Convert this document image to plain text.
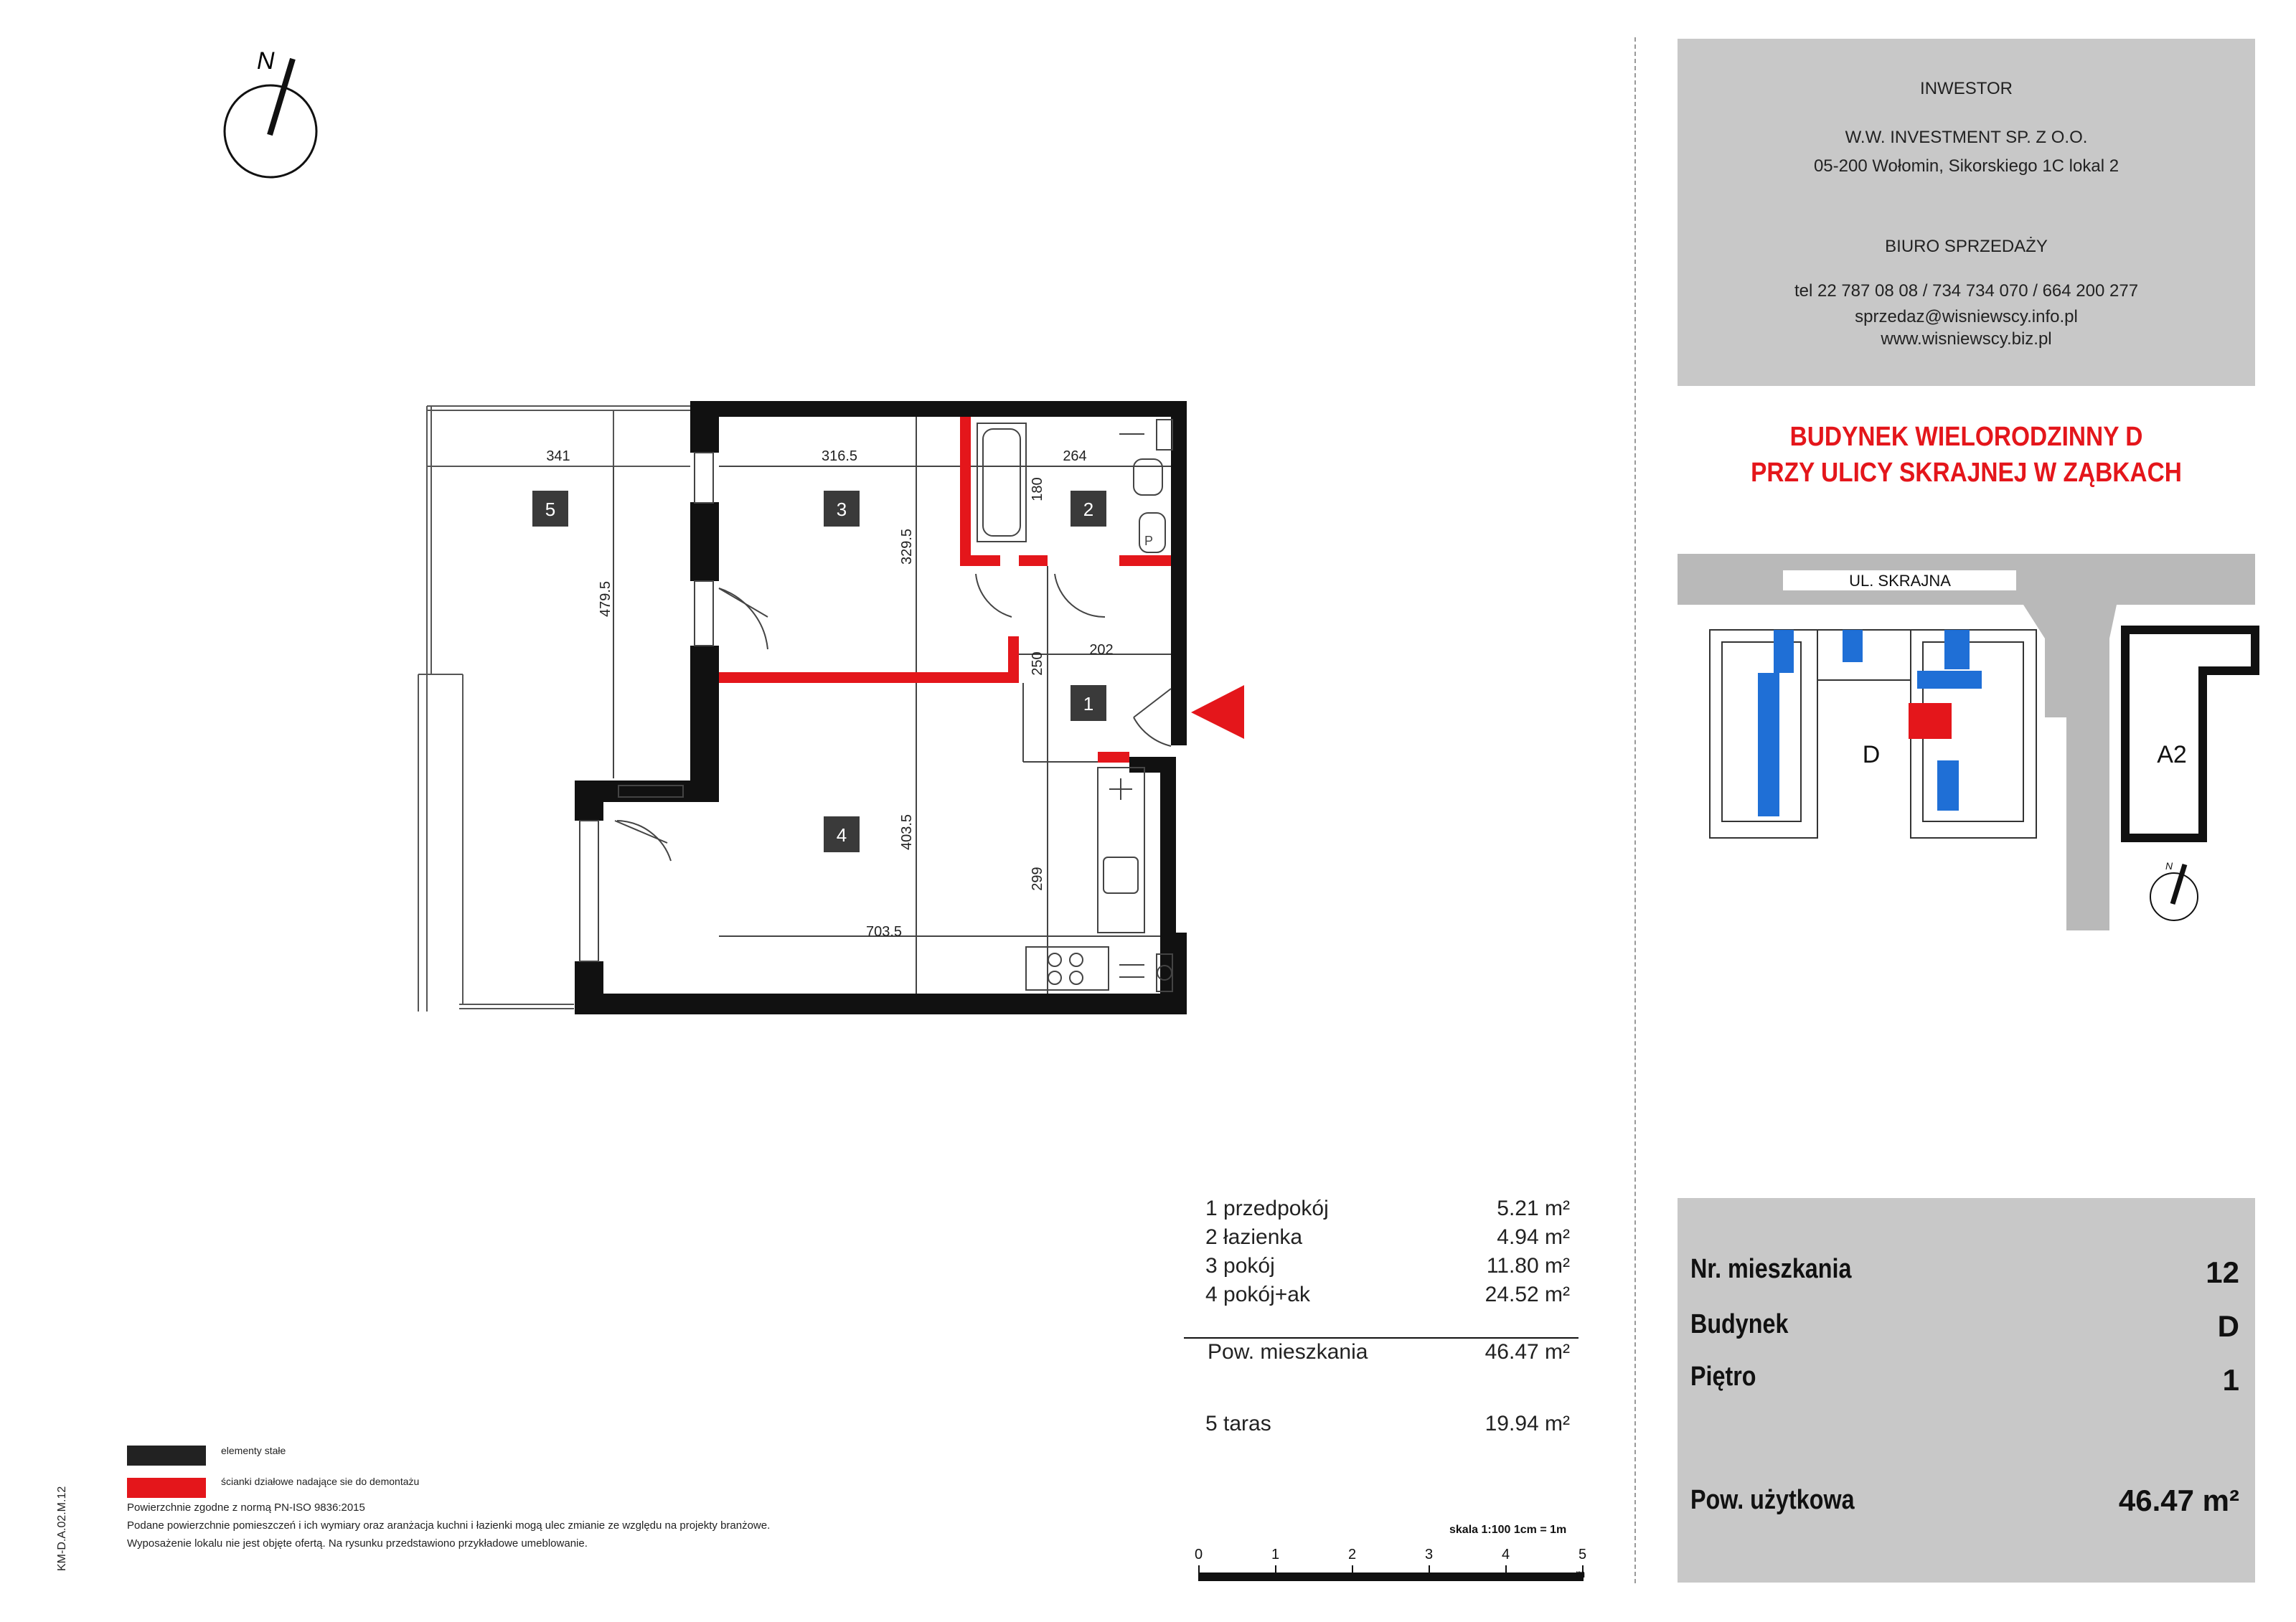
N
P
5	3	2
1
4
341	316.5	264
202
703.5
180
329.5
479.5
250
403.5
299
UL. SKRAJNA
D	A2
N
INWESTOR
W.W. INVESTMENT SP. Z O.O.
05-200 Wołomin, Sikorskiego 1C lokal 2
BIURO SPRZEDAŻY
tel 22 787 08 08 / 734 734 070 / 664 200 277
sprzedaz@wisniewscy.info.pl
www.wisniewscy.biz.pl
BUDYNEK WIELORODZINNY D
PRZY ULICY SKRAJNEJ W ZĄBKACH
1 przedpokój	5.21 m²
2 łazienka	4.94 m²
3 pokój	11.80 m²
4 pokój+ak	24.52 m²
Pow. mieszkania	46.47 m²
5 taras	19.94 m²
skala 1:100 1cm = 1m
0	1	2	3	4	5
m
elementy stałe
ścianki działowe nadające sie do demontażu
Powierzchnie zgodne z normą PN-ISO 9836:2015
Podane powierzchnie pomieszczeń i ich wymiary oraz aranżacja kuchni i łazienki mogą ulec zmianie ze względu na projekty branżowe.
Wyposażenie lokalu nie jest objęte ofertą. Na rysunku przedstawiono przykładowe umeblowanie.
KM-D.A.02.M.12
Nr. mieszkania	12
Budynek	D
Piętro	1
Pow. użytkowa	46.47 m²
